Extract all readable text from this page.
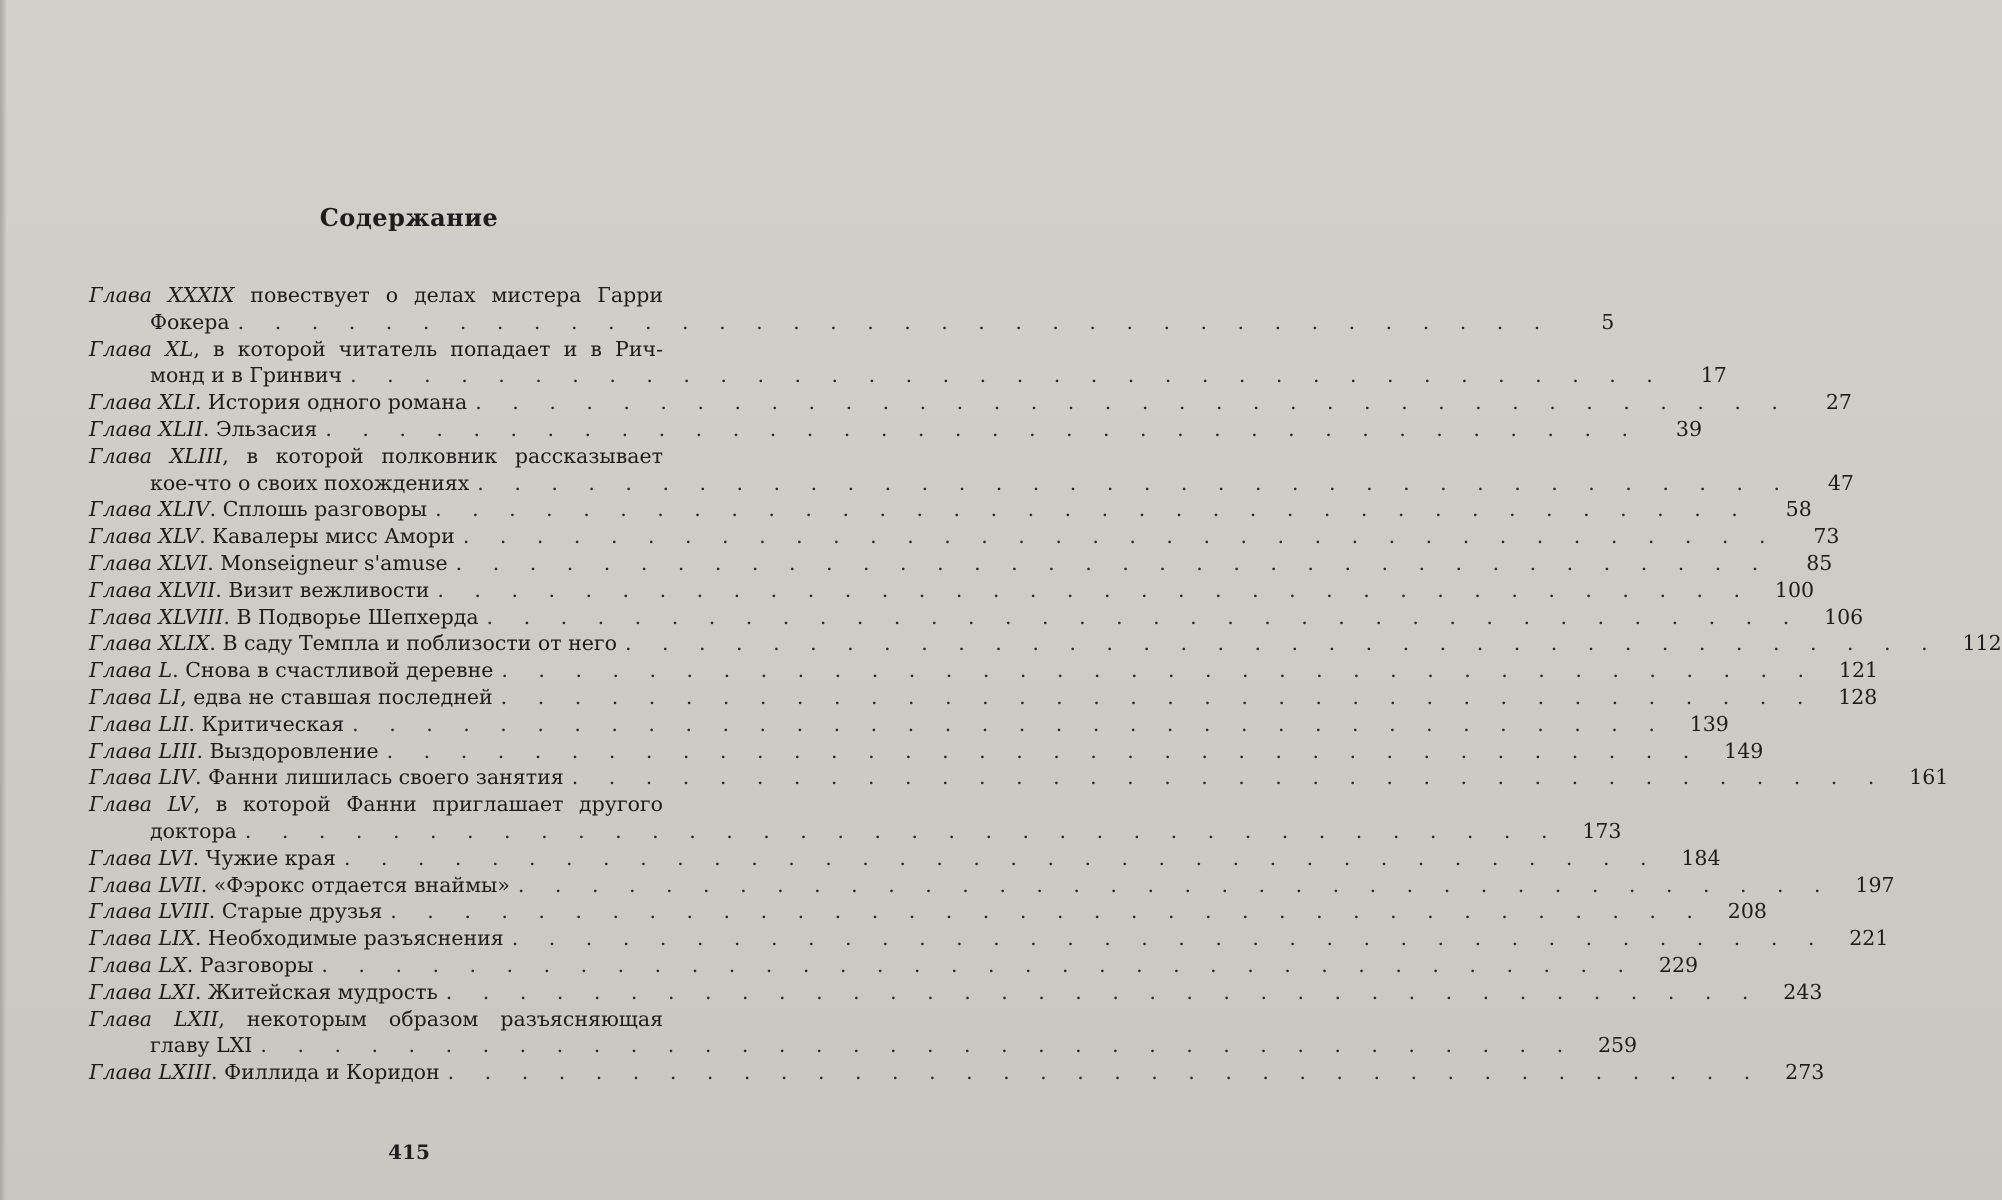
Содержание
Глава XXXIX повествует о делах мистера Гарри
Фокера . . . . . . . . . . . . . . . . . . . . . . . . . . . . . . . . . . . .	5
Глава XL, в которой читатель попадает и в Рич-
монд и в Гринвич . . . . . . . . . . . . . . . . . . . . . . . . . . . . . . . . . . . .	17
Глава XLI . История одного романа . . . . . . . . . . . . . . . . . . . . . . . . . . . . . . . . . . . .	27
Глава XLII . Эльзасия . . . . . . . . . . . . . . . . . . . . . . . . . . . . . . . . . . . .	39
Глава XLIII, в которой полковник рассказывает
кое-что о своих похождениях . . . . . . . . . . . . . . . . . . . . . . . . . . . . . . . . . . . .	47
Глава XLIV . Сплошь разговоры . . . . . . . . . . . . . . . . . . . . . . . . . . . . . . . . . . . .	58
Глава XLV . Кавалеры мисс Амори . . . . . . . . . . . . . . . . . . . . . . . . . . . . . . . . . . . .	73
Глава XLVI . Monseigneur s'amuse . . . . . . . . . . . . . . . . . . . . . . . . . . . . . . . . . . . .	85
Глава XLVII . Визит вежливости . . . . . . . . . . . . . . . . . . . . . . . . . . . . . . . . . . . .	100
Глава XLVIII . В Подворье Шепхерда . . . . . . . . . . . . . . . . . . . . . . . . . . . . . . . . . . . .	106
Глава XLIX . В саду Темпла и поблизости от него . . . . . . . . . . . . . . . . . . . . . . . . . . . . . . . . . . . .	112
Глава L . Снова в счастливой деревне . . . . . . . . . . . . . . . . . . . . . . . . . . . . . . . . . . . .	121
Глава LI , едва не ставшая последней . . . . . . . . . . . . . . . . . . . . . . . . . . . . . . . . . . . .	128
Глава LII . Критическая . . . . . . . . . . . . . . . . . . . . . . . . . . . . . . . . . . . .	139
Глава LIII . Выздоровление . . . . . . . . . . . . . . . . . . . . . . . . . . . . . . . . . . . .	149
Глава LIV . Фанни лишилась своего занятия . . . . . . . . . . . . . . . . . . . . . . . . . . . . . . . . . . . .	161
Глава LV, в которой Фанни приглашает другого
доктора . . . . . . . . . . . . . . . . . . . . . . . . . . . . . . . . . . . .	173
Глава LVI . Чужие края . . . . . . . . . . . . . . . . . . . . . . . . . . . . . . . . . . . .	184
Глава LVII . «Фэрокс отдается внаймы» . . . . . . . . . . . . . . . . . . . . . . . . . . . . . . . . . . . .	197
Глава LVIII . Старые друзья . . . . . . . . . . . . . . . . . . . . . . . . . . . . . . . . . . . .	208
Глава LIX . Необходимые разъяснения . . . . . . . . . . . . . . . . . . . . . . . . . . . . . . . . . . . .	221
Глава LX . Разговоры . . . . . . . . . . . . . . . . . . . . . . . . . . . . . . . . . . . .	229
Глава LXI . Житейская мудрость . . . . . . . . . . . . . . . . . . . . . . . . . . . . . . . . . . . .	243
Глава LXII, некоторым образом разъясняющая
главу LXI . . . . . . . . . . . . . . . . . . . . . . . . . . . . . . . . . . . .	259
Глава LXIII . Филлида и Коридон . . . . . . . . . . . . . . . . . . . . . . . . . . . . . . . . . . . .	273
415
